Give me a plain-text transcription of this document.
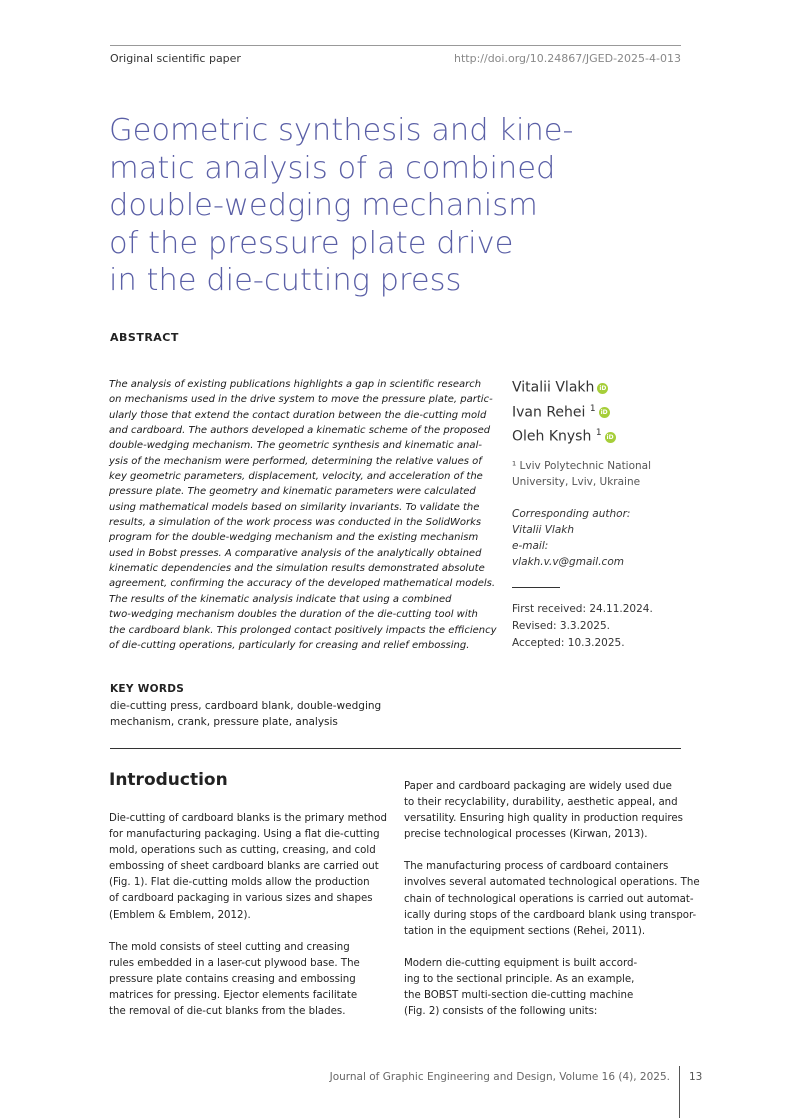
Original scientific paper	http://doi.org/10.24867/JGED-2025-4-013
Geometric synthesis and kine-
matic analysis of a combined
double-wedging mechanism
of the pressure plate drive
in the die-cutting press
ABSTRACT
The analysis of existing publications highlights a gap in scientific research
on mechanisms used in the drive system to move the pressure plate, partic-
ularly those that extend the contact duration between the die-cutting mold
and cardboard. The authors developed a kinematic scheme of the proposed
double-wedging mechanism. The geometric synthesis and kinematic anal-
ysis of the mechanism were performed, determining the relative values of
key geometric parameters, displacement, velocity, and acceleration of the
pressure plate. The geometry and kinematic parameters were calculated
using mathematical models based on similarity invariants. To validate the
results, a simulation of the work process was conducted in the SolidWorks
program for the double-wedging mechanism and the existing mechanism
used in Bobst presses. A comparative analysis of the analytically obtained
kinematic dependencies and the simulation results demonstrated absolute
agreement, confirming the accuracy of the developed mathematical models.
The results of the kinematic analysis indicate that using a combined
two-wedging mechanism doubles the duration of the die-cutting tool with
the cardboard blank. This prolonged contact positively impacts the efficiency
of die-cutting operations, particularly for creasing and relief embossing.
Vitalii Vlakh iD
Ivan Rehei $^1$ iD
Oleh Knysh $^1$ iD
¹ Lviv Polytechnic National
University, Lviv, Ukraine
Corresponding author:
Vitalii Vlakh
e-mail:
vlakh.v.v@gmail.com
First received: 24.11.2024.
Revised: 3.3.2025.
Accepted: 10.3.2025.
KEY WORDS
die-cutting press, cardboard blank, double-wedging
mechanism, crank, pressure plate, analysis
Introduction

Die-cutting of cardboard blanks is the primary method
for manufacturing packaging. Using a flat die-cutting
mold, operations such as cutting, creasing, and cold
embossing of sheet cardboard blanks are carried out
(Fig. 1). Flat die-cutting molds allow the production
of cardboard packaging in various sizes and shapes
(Emblem & Emblem, 2012).

The mold consists of steel cutting and creasing
rules embedded in a laser-cut plywood base. The
pressure plate contains creasing and embossing
matrices for pressing. Ejector elements facilitate
the removal of die-cut blanks from the blades.

Paper and cardboard packaging are widely used due
to their recyclability, durability, aesthetic appeal, and
versatility. Ensuring high quality in production requires
precise technological processes (Kirwan, 2013).

The manufacturing process of cardboard containers
involves several automated technological operations. The
chain of technological operations is carried out automat-
ically during stops of the cardboard blank using transpor-
tation in the equipment sections (Rehei, 2011).

Modern die-cutting equipment is built accord-
ing to the sectional principle. As an example,
the BOBST multi-section die-cutting machine
(Fig. 2) consists of the following units:

Journal of Graphic Engineering and Design, Volume 16 (4), 2025. 13
